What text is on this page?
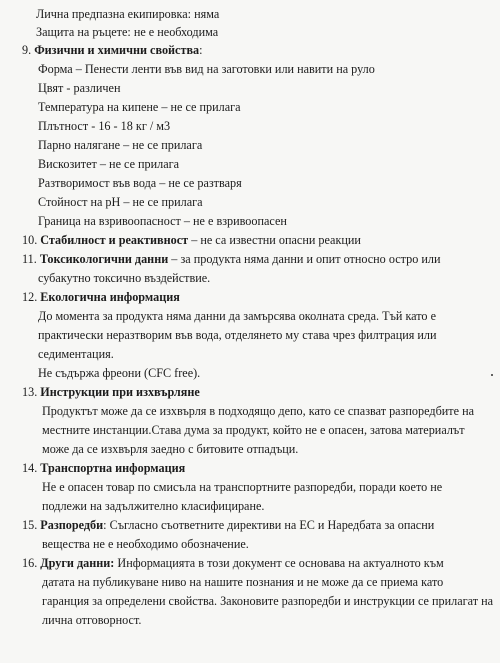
Лична предпазна екипировка: няма
Защита на ръцете: не е необходима
9. Физични и химични свойства:
Форма – Пенести ленти във вид на заготовки или навити на руло
Цвят - различен
Температура на кипене – не се прилага
Плътност - 16 - 18 кг / м3
Парно налягане – не се прилага
Вискозитет – не се прилага
Разтворимост във вода – не се разтваря
Стойност на pH – не се прилага
Граница на взривоопасност – не е взривоопасен
10. Стабилност и реактивност – не са известни опасни реакции
11. Токсикологични данни – за продукта няма данни и опит относно остро или
субакутно токсично въздействие.
12. Екологична информация
До момента за продукта няма данни да замърсява околната среда. Тъй като е
практически неразтворим във вода, отделянето му става чрез филтрация или
седиментация.
Не съдържа фреони (CFC free).
13. Инструкции при изхвърляне
Продуктът може да се изхвърля в подходящо депо, като се спазват разпоредбите на
местните инстанции.Става дума за продукт, който не е опасен, затова материалът
може да се изхвърля заедно с битовите отпадъци.
14. Транспортна информация
Не е опасен товар по смисъла на транспортните разпоредби, поради което не
подлежи на задължително класифициране.
15. Разпоредби: Съгласно съответните директиви на ЕС и Наредбата за опасни
вещества не е необходимо обозначение.
16. Други данни: Информацията в този документ се основава на актуалното към
датата на публикуване ниво на нашите познания и не може да се приема като
гаранция за определени свойства. Законовите разпоредби и инструкции се прилагат на
лична отговорност.
